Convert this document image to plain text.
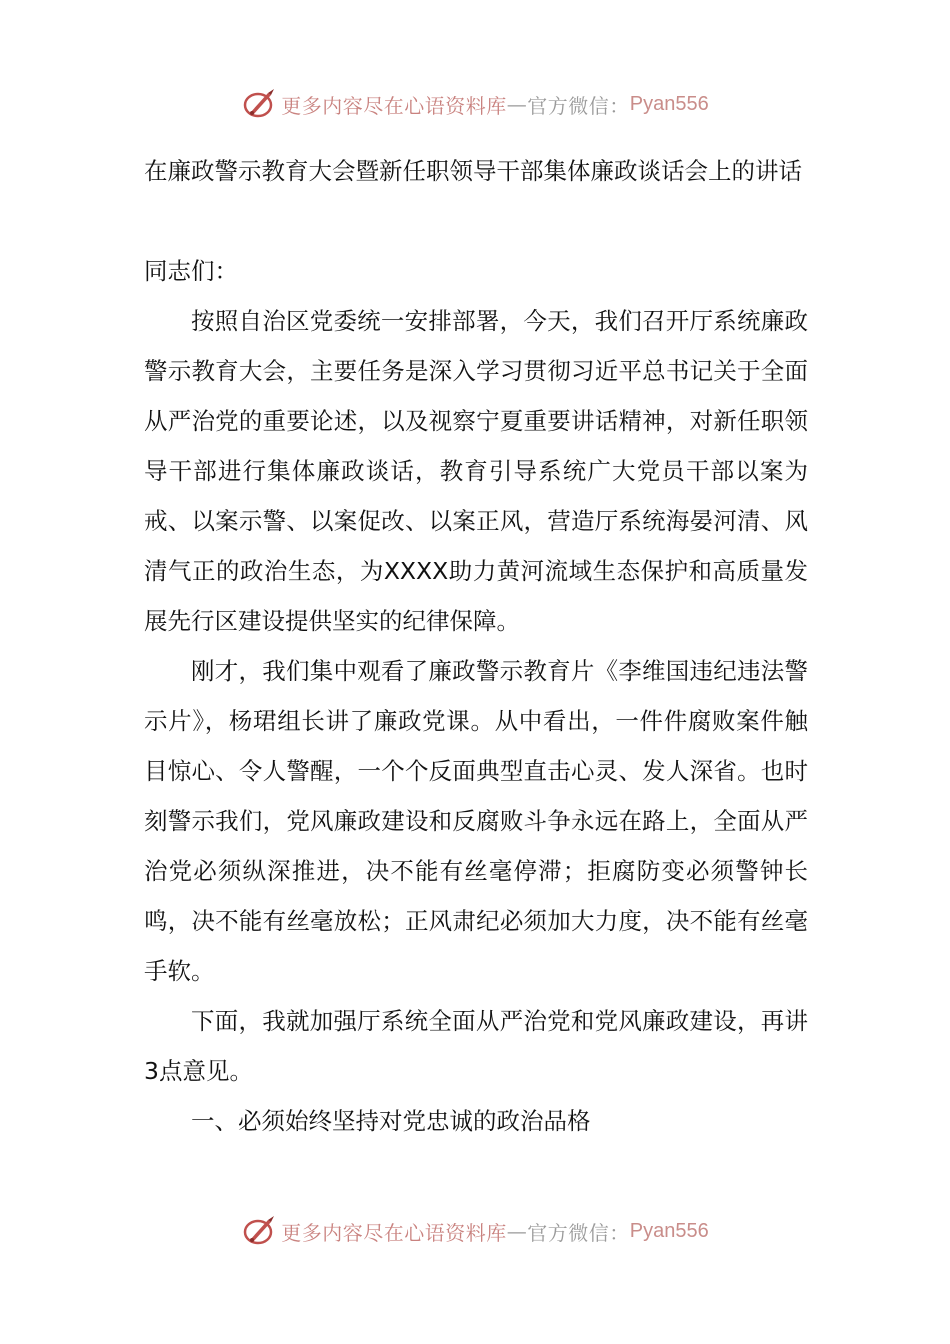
更多内容尽在心语资料库 — 官方微信： Pyan556
在廉政警示教育大会暨新任职领导干部集体廉政谈话会上的讲话

同志们：

按照自治区党委统一安排部署，今天，我们召开厅系统廉政警示教育大会，主要任务是深入学习贯彻习近平总书记关于全面从严治党的重要论述，以及视察宁夏重要讲话精神，对新任职领导干部进行集体廉政谈话，教育引导系统广大党员干部以案为戒、以案示警、以案促改、以案正风，营造厅系统海晏河清、风清气正的政治生态，为XXXX助力黄河流域生态保护和高质量发展先行区建设提供坚实的纪律保障。

刚才，我们集中观看了廉政警示教育片《李维国违纪违法警示片》，杨珺组长讲了廉政党课。从中看出，一件件腐败案件触目惊心、令人警醒，一个个反面典型直击心灵、发人深省。也时刻警示我们，党风廉政建设和反腐败斗争永远在路上，全面从严治党必须纵深推进，决不能有丝毫停滞；拒腐防变必须警钟长鸣，决不能有丝毫放松；正风肃纪必须加大力度，决不能有丝毫手软。

下面，我就加强厅系统全面从严治党和党风廉政建设，再讲3点意见。

一、必须始终坚持对党忠诚的政治品格

更多内容尽在心语资料库 — 官方微信： Pyan556
